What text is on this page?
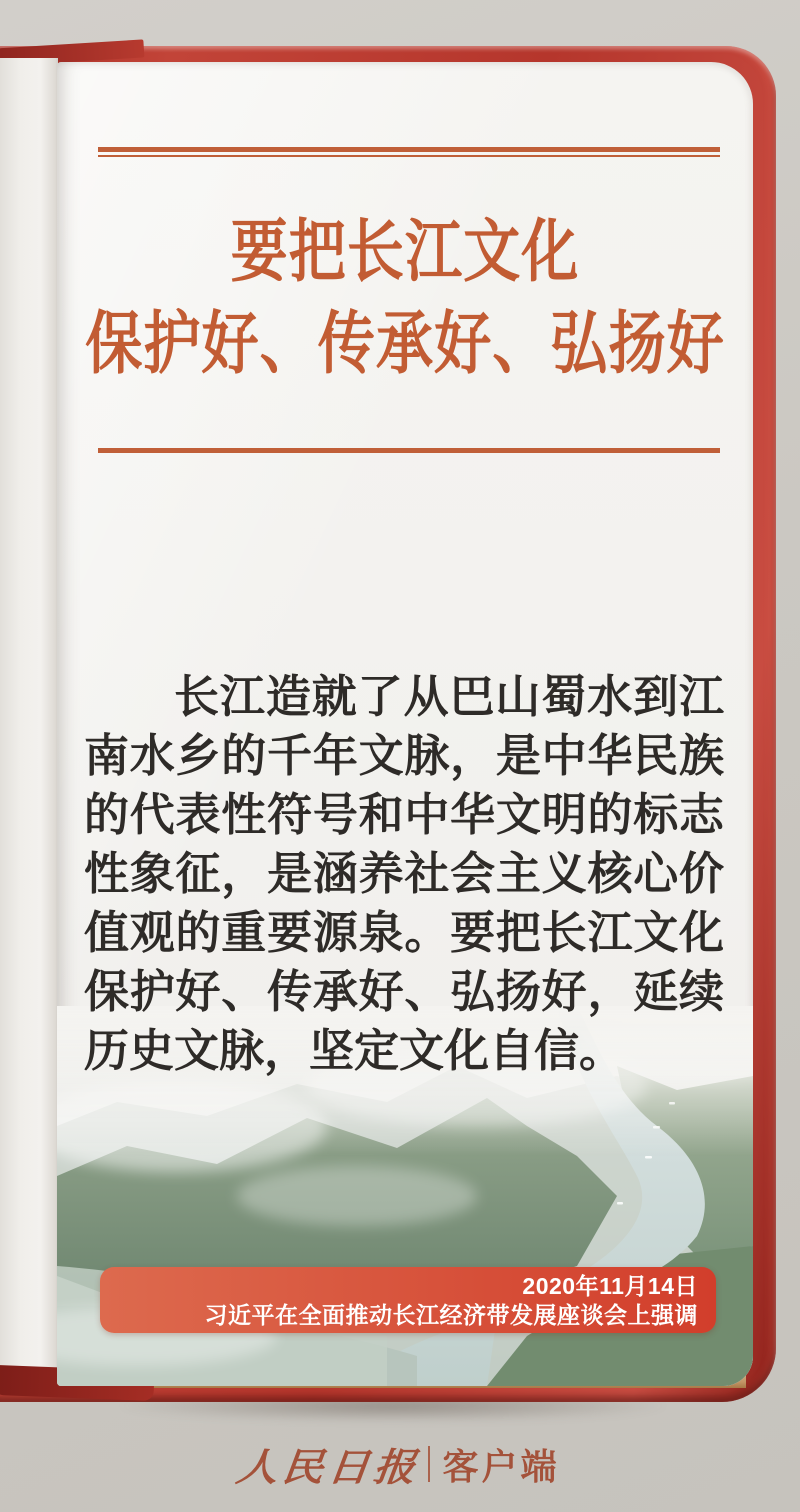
要把长江文化
保护好、传承好、弘扬好
长江造就了从巴山蜀水到江
南水乡的千年文脉，是中华民族
的代表性符号和中华文明的标志
性象征，是涵养社会主义核心价
值观的重要源泉。要把长江文化
保护好、传承好、弘扬好，延续
历史文脉，坚定文化自信。
2020年11月14日
习近平在全面推动长江经济带发展座谈会上强调
人民日报 客户端
